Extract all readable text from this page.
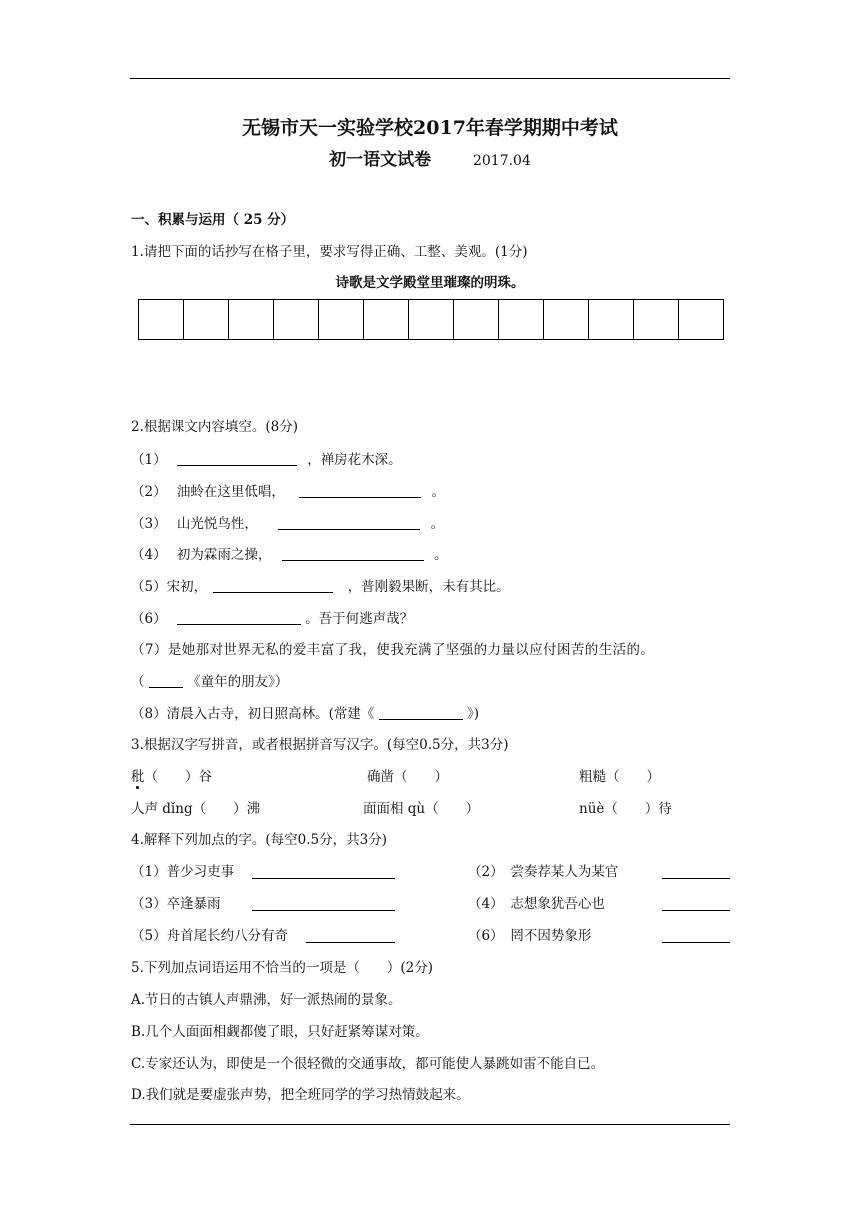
无锡市天一实验学校2017年春学期期中考试
初一语文试卷	2017.04
一、积累与运用（ 25 分）
1.请把下面的话抄写在格子里，要求写得正确、工整、美观。(1分)
诗歌是文学殿堂里璀璨的明珠。
2.根据课文内容填空。(8分)
（1）	，禅房花木深。
（2） 油蛉在这里低唱，	。
（3） 山光悦鸟性，	。
（4） 初为霖雨之操，	。
（5）宋初，	，普刚毅果断，未有其比。
（6）	。吾于何逃声哉？
（7）是她那对世界无私的爱丰富了我，使我充满了坚强的力量以应付困苦的生活的。
（	《童年的朋友》）
（8）清晨入古寺，初日照高林。(常建《	》)
3.根据汉字写拼音，或者根据拼音写汉字。(每空0.5分，共3分)
秕（　　）谷	确凿（　　）	粗糙（　　）
人声 dǐng（　　）沸	面面相 qù（　　）	nüè（　　）待
4.解释下列加点的字。(每空0.5分，共3分)
（1）普少习吏事	（2）　尝奏荐某人为某官
（3）卒逢暴雨	（4）　志想象犹吾心也
（5）舟首尾长约八分有奇	（6）　罔不因势象形
5.下列加点词语运用不恰当的一项是（　　）(2分)
A.节日的古镇人声鼎沸，好一派热闹的景象。
B.几个人面面相觑都傻了眼，只好赶紧筹谋对策。
C.专家还认为，即使是一个很轻微的交通事故，都可能使人暴跳如雷不能自已。
D.我们就是要虚张声势，把全班同学的学习热情鼓起来。
